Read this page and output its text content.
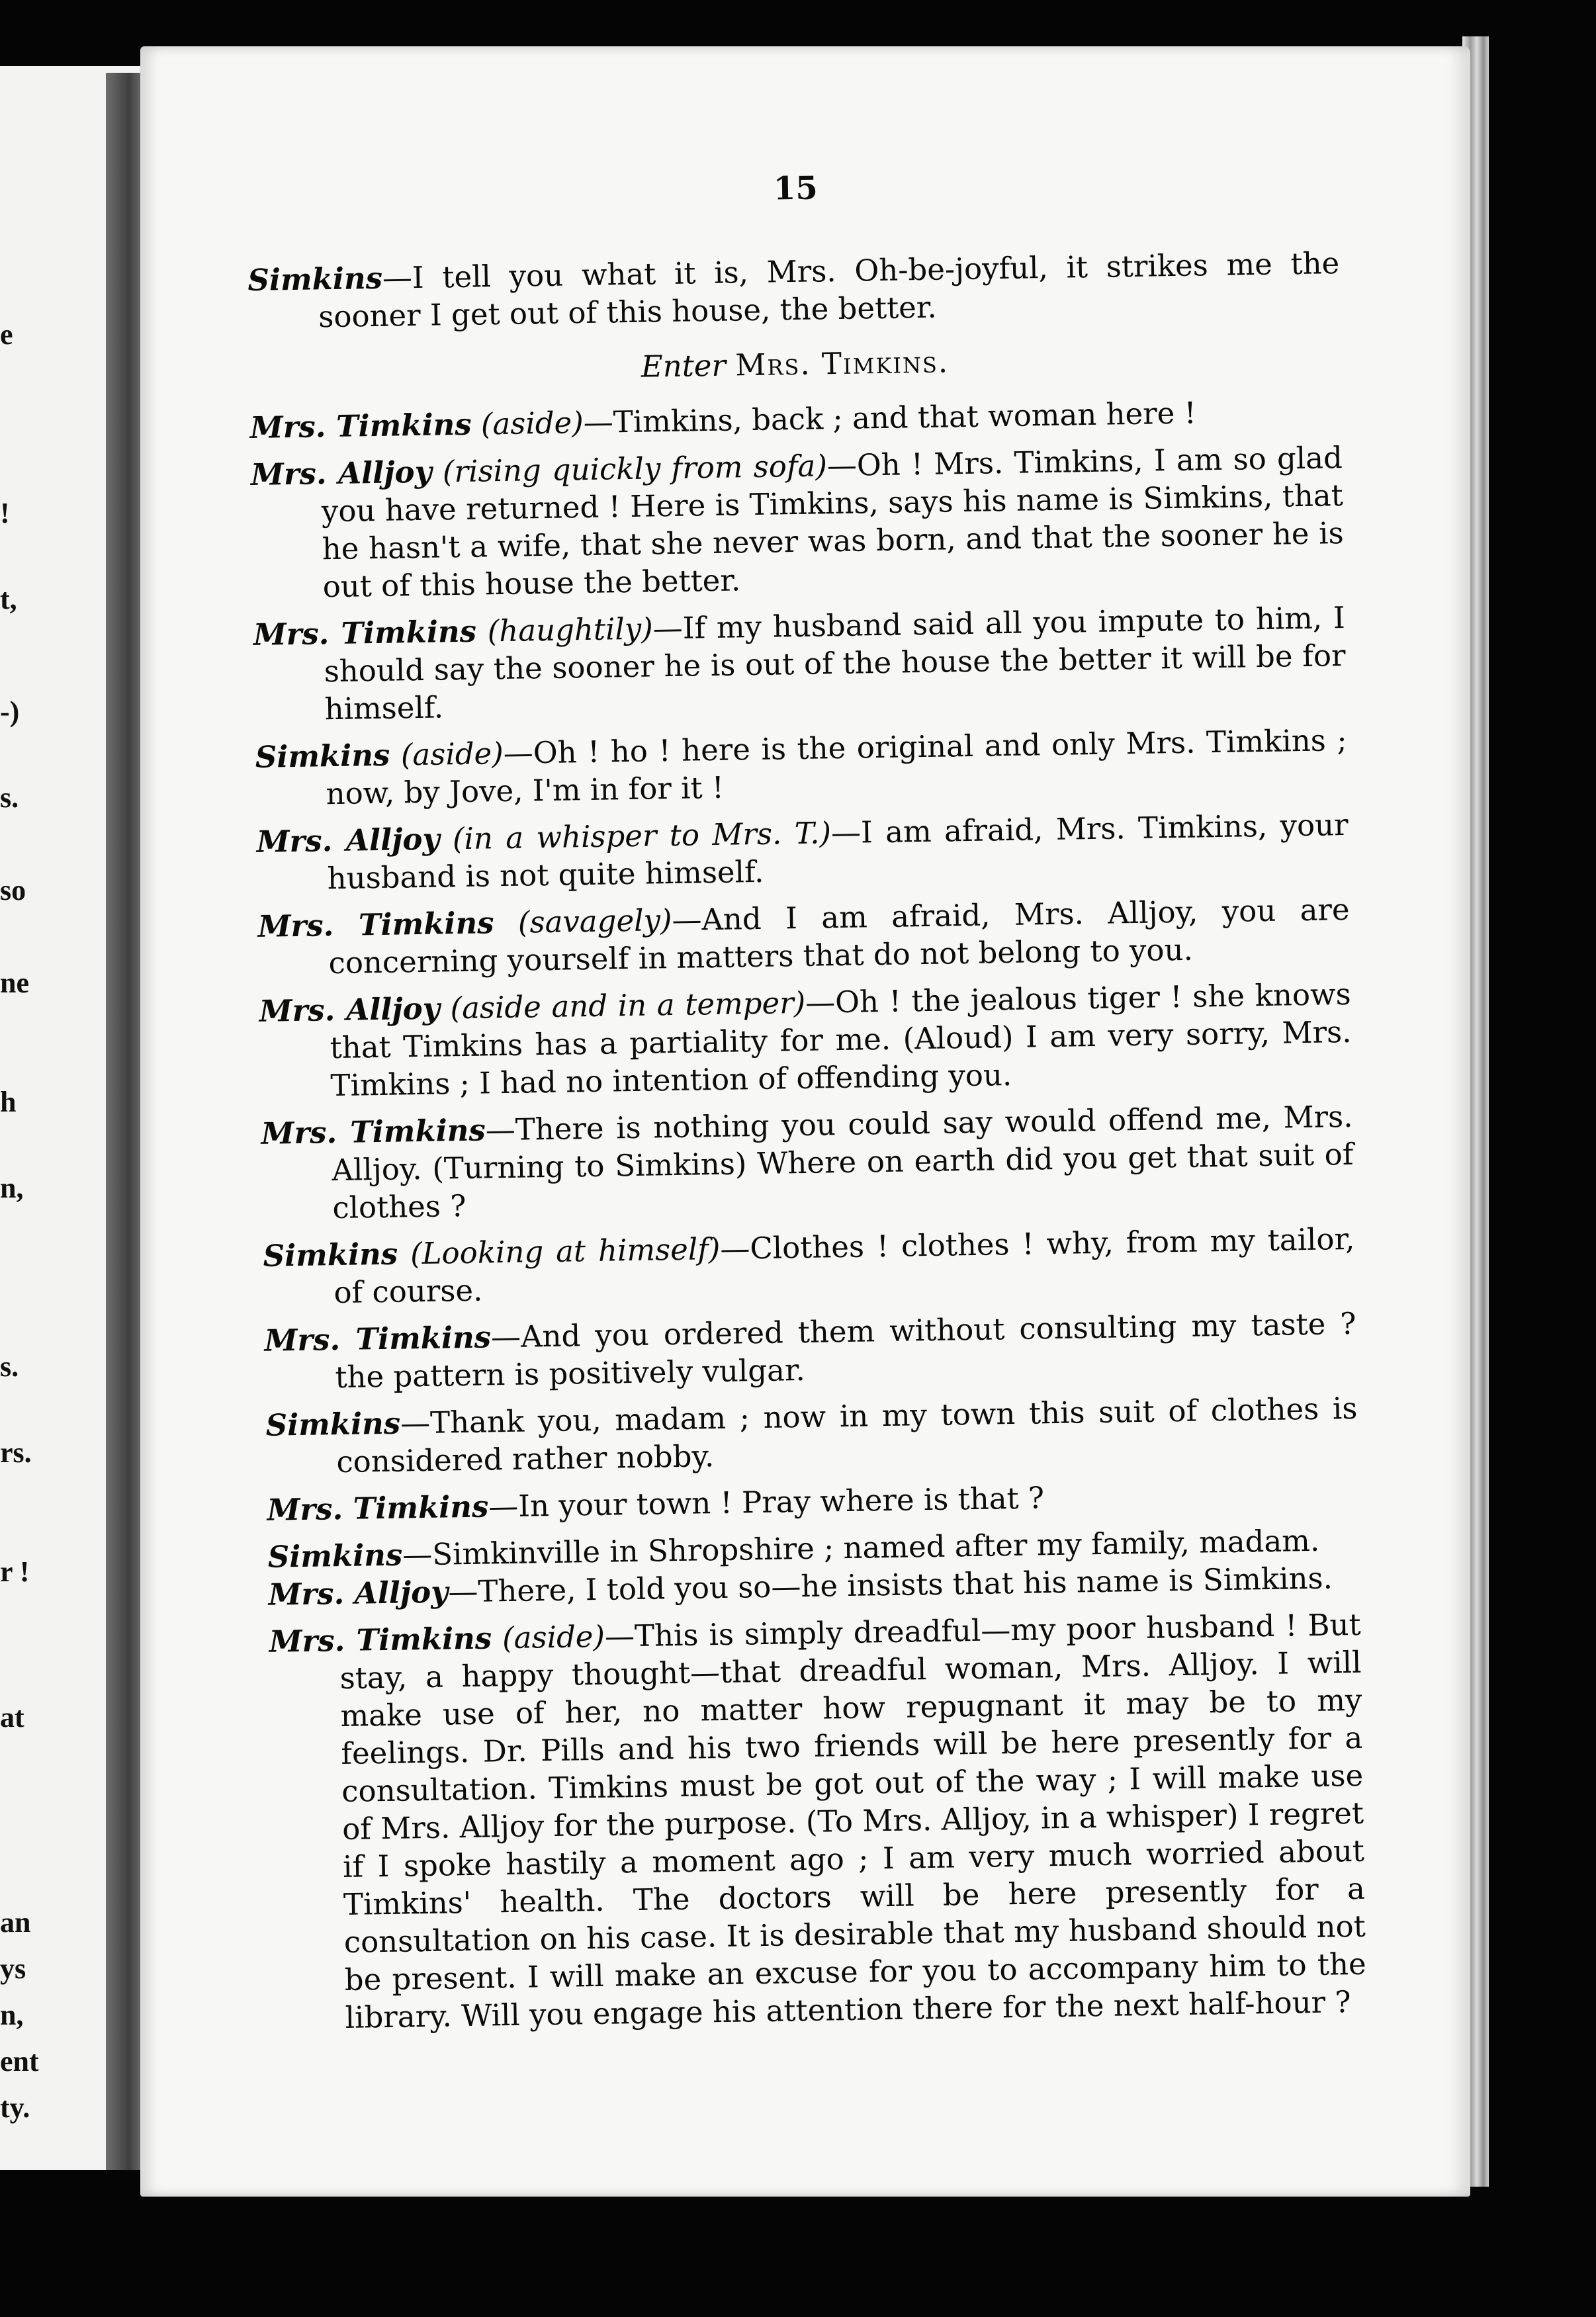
e
!
t,
-)
s.
so
ne
h
n,
s.
rs.
r !
at
an
ys
n,
ent
ty.
15

Simkins—I tell you what it is, Mrs. Oh-be-joyful, it strikes me the sooner I get out of this house, the better.

Enter Mrs. Timkins.

Mrs. Timkins (aside)—Timkins, back ; and that woman here !

Mrs. Alljoy (rising quickly from sofa)—Oh ! Mrs. Timkins, I am so glad you have returned ! Here is Timkins, says his name is Simkins, that he hasn't a wife, that she never was born, and that the sooner he is out of this house the better.

Mrs. Timkins (haughtily)—If my husband said all you impute to him, I should say the sooner he is out of the house the better it will be for himself.

Simkins (aside)—Oh ! ho ! here is the original and only Mrs. Timkins ; now, by Jove, I'm in for it !

Mrs. Alljoy (in a whisper to Mrs. T.)—I am afraid, Mrs. Timkins, your husband is not quite himself.

Mrs. Timkins (savagely)—And I am afraid, Mrs. Alljoy, you are concerning yourself in matters that do not belong to you.

Mrs. Alljoy (aside and in a temper)—Oh ! the jealous tiger ! she knows that Timkins has a partiality for me. (Aloud) I am very sorry, Mrs. Timkins ; I had no intention of offending you.

Mrs. Timkins—There is nothing you could say would offend me, Mrs. Alljoy. (Turning to Simkins) Where on earth did you get that suit of clothes ?

Simkins (Looking at himself)—Clothes ! clothes ! why, from my tailor, of course.

Mrs. Timkins—And you ordered them without consulting my taste ? the pattern is positively vulgar.

Simkins—Thank you, madam ; now in my town this suit of clothes is considered rather nobby.

Mrs. Timkins—In your town ! Pray where is that ?

Simkins—Simkinville in Shropshire ; named after my family, madam.

Mrs. Alljoy—There, I told you so—he insists that his name is Simkins.

Mrs. Timkins (aside)—This is simply dreadful—my poor husband ! But stay, a happy thought—that dreadful woman, Mrs. Alljoy. I will make use of her, no matter how repugnant it may be to my feelings. Dr. Pills and his two friends will be here presently for a consultation. Timkins must be got out of the way ; I will make use of Mrs. Alljoy for the purpose. (To Mrs. Alljoy, in a whisper) I regret if I spoke hastily a moment ago ; I am very much worried about Timkins' health. The doctors will be here presently for a consultation on his case. It is desirable that my husband should not be present. I will make an excuse for you to accompany him to the library. Will you engage his attention there for the next half-hour ?
